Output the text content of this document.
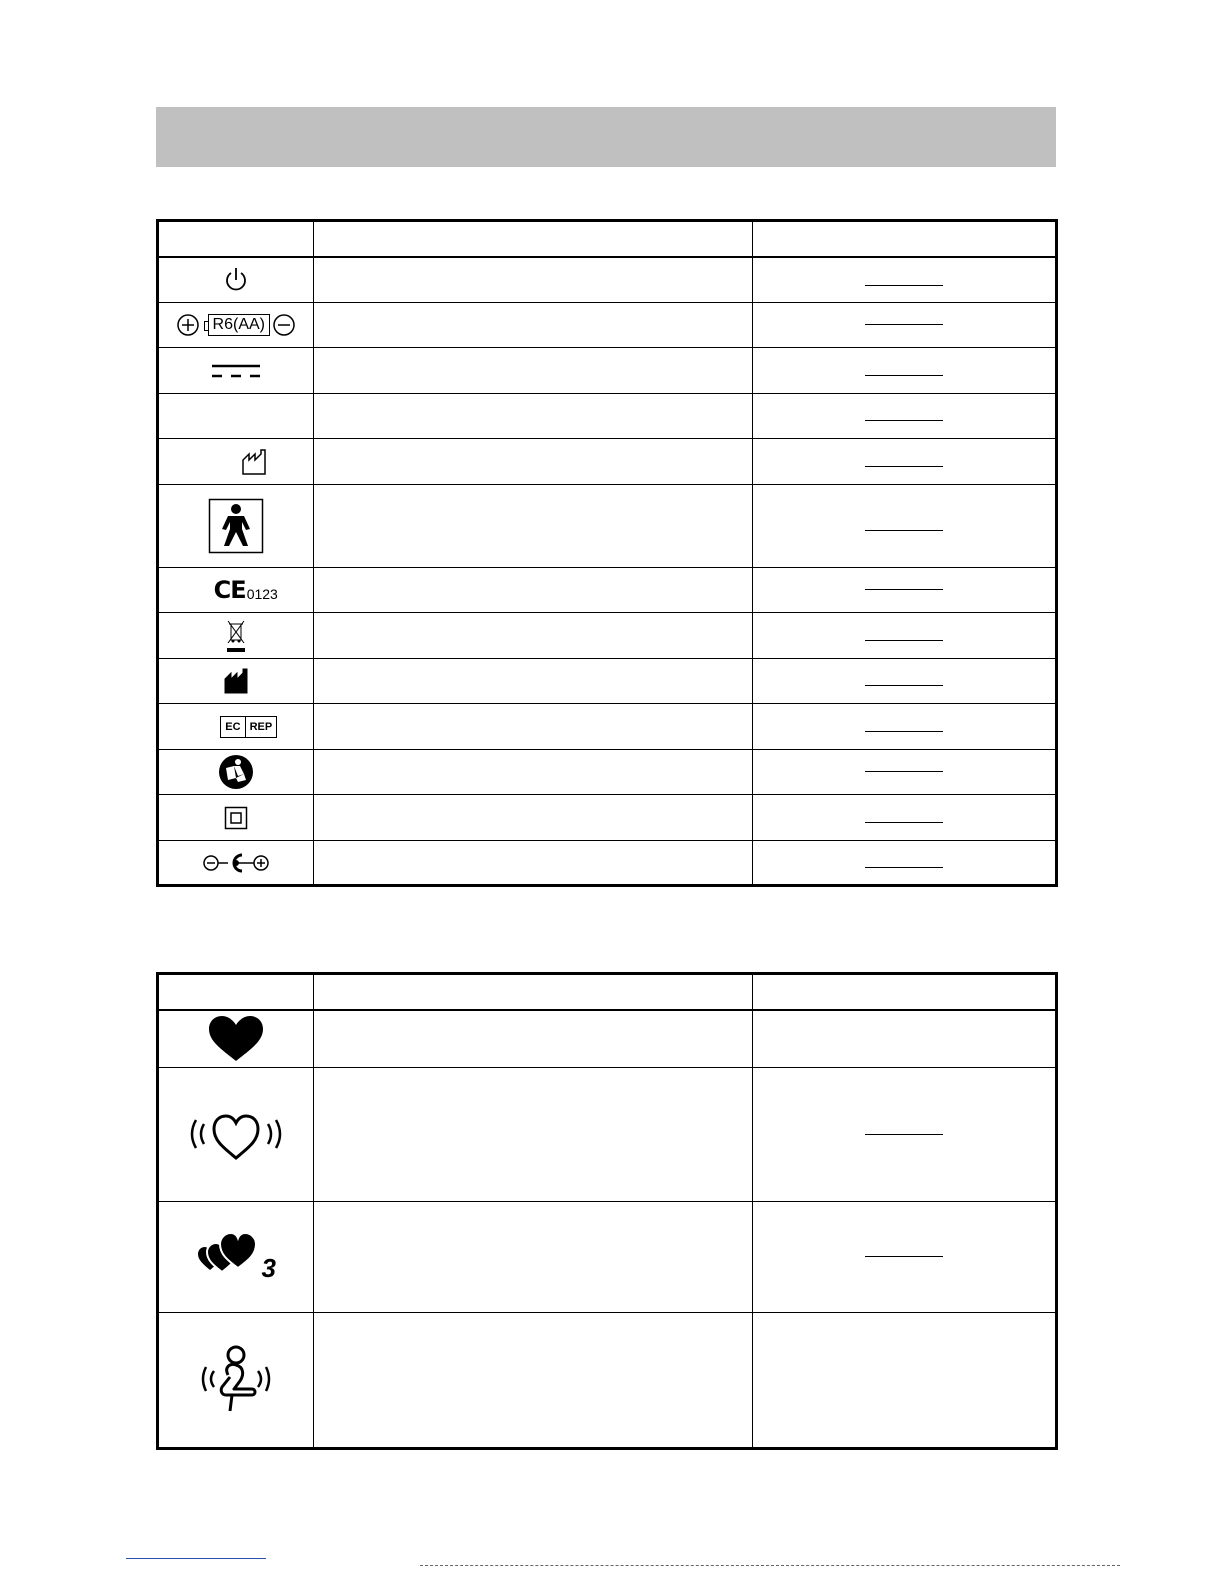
R6(AA)		

CE 0123		

EC REP		

3		
